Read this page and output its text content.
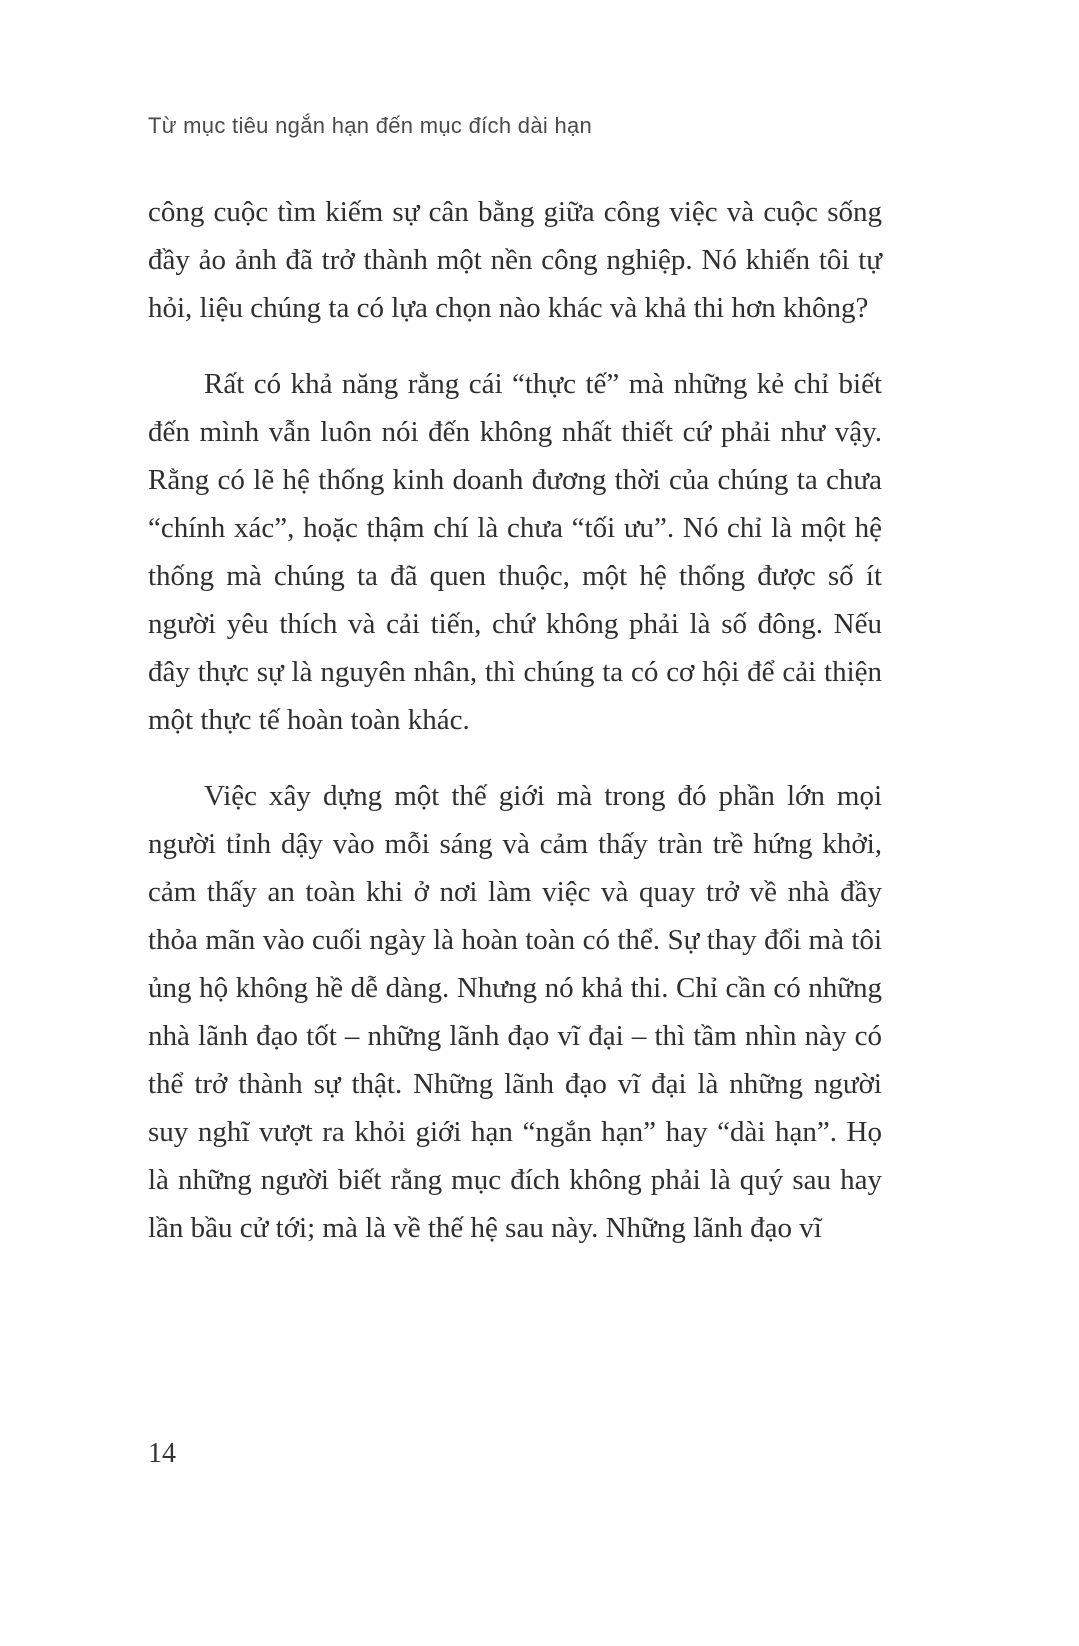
Từ mục tiêu ngắn hạn đến mục đích dài hạn

công cuộc tìm kiếm sự cân bằng giữa công việc và cuộc sống đầy ảo ảnh đã trở thành một nền công nghiệp. Nó khiến tôi tự hỏi, liệu chúng ta có lựa chọn nào khác và khả thi hơn không?

Rất có khả năng rằng cái “thực tế” mà những kẻ chỉ biết đến mình vẫn luôn nói đến không nhất thiết cứ phải như vậy. Rằng có lẽ hệ thống kinh doanh đương thời của chúng ta chưa “chính xác”, hoặc thậm chí là chưa “tối ưu”. Nó chỉ là một hệ thống mà chúng ta đã quen thuộc, một hệ thống được số ít người yêu thích và cải tiến, chứ không phải là số đông. Nếu đây thực sự là nguyên nhân, thì chúng ta có cơ hội để cải thiện một thực tế hoàn toàn khác.

Việc xây dựng một thế giới mà trong đó phần lớn mọi người tỉnh dậy vào mỗi sáng và cảm thấy tràn trề hứng khởi, cảm thấy an toàn khi ở nơi làm việc và quay trở về nhà đầy thỏa mãn vào cuối ngày là hoàn toàn có thể. Sự thay đổi mà tôi ủng hộ không hề dễ dàng. Nhưng nó khả thi. Chỉ cần có những nhà lãnh đạo tốt – những lãnh đạo vĩ đại – thì tầm nhìn này có thể trở thành sự thật. Những lãnh đạo vĩ đại là những người suy nghĩ vượt ra khỏi giới hạn “ngắn hạn” hay “dài hạn”. Họ là những người biết rằng mục đích không phải là quý sau hay lần bầu cử tới; mà là về thế hệ sau này. Những lãnh đạo vĩ

14
